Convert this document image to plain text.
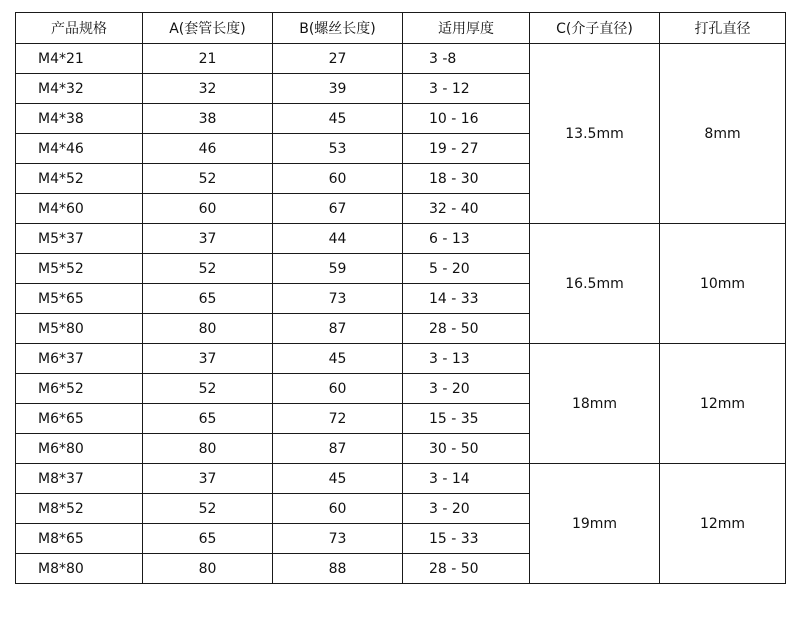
产品规格	A(套管长度)	B(螺丝长度)	适用厚度	C(介子直径)	打孔直径
M4*21	21	27	3 -8	13.5mm	8mm
M4*32	32	39	3 - 12		
M4*38	38	45	10 - 16		
M4*46	46	53	19 - 27		
M4*52	52	60	18 - 30		
M4*60	60	67	32 - 40		
M5*37	37	44	6 - 13	16.5mm	10mm
M5*52	52	59	5 - 20		
M5*65	65	73	14 - 33		
M5*80	80	87	28 - 50		
M6*37	37	45	3 - 13	18mm	12mm
M6*52	52	60	3 - 20		
M6*65	65	72	15 - 35		
M6*80	80	87	30 - 50		
M8*37	37	45	3 - 14	19mm	12mm
M8*52	52	60	3 - 20		
M8*65	65	73	15 - 33		
M8*80	80	88	28 - 50		
